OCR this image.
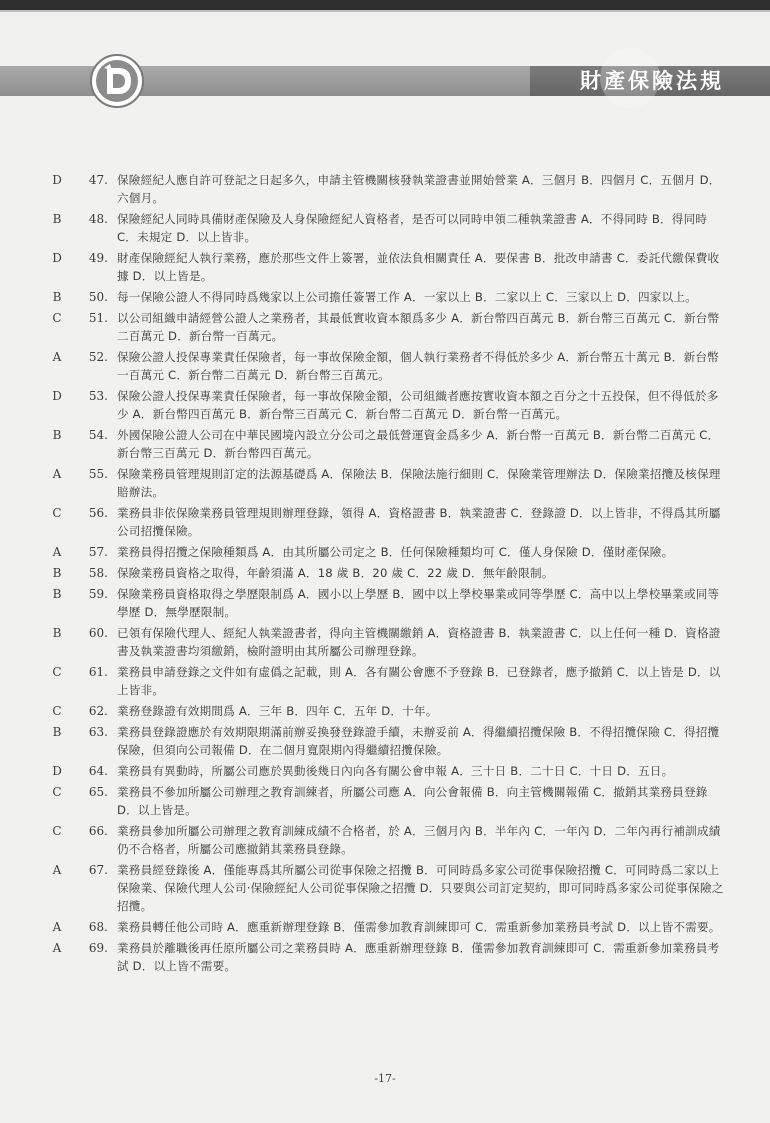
財產保險法規
D	47. 保險經紀人應自許可登記之日起多久，申請主管機關核發執業證書並開始營業 A．三個月 B．四個月 C．五個月 D．六個月。
B	48. 保險經紀人同時具備財產保險及人身保險經紀人資格者，是否可以同時申領二種執業證書 A．不得同時 B．得同時 C．未規定 D．以上皆非。
D	49. 財產保險經紀人執行業務，應於那些文件上簽署，並依法負相關責任 A．要保書 B．批改申請書 C．委託代繳保費收據 D．以上皆是。
B	50. 每一保險公證人不得同時爲幾家以上公司擔任簽署工作 A．一家以上 B．二家以上 C．三家以上 D．四家以上。
C	51. 以公司組織申請經營公證人之業務者，其最低實收資本額爲多少 A．新台幣四百萬元 B．新台幣三百萬元 C．新台幣二百萬元 D．新台幣一百萬元。
A	52. 保險公證人投保專業責任保險者，每一事故保險金額，個人執行業務者不得低於多少 A．新台幣五十萬元 B．新台幣一百萬元 C．新台幣二百萬元 D．新台幣三百萬元。
D	53. 保險公證人投保專業責任保險者，每一事故保險金額，公司組織者應按實收資本額之百分之十五投保，但不得低於多少 A．新台幣四百萬元 B．新台幣三百萬元 C．新台幣二百萬元 D．新台幣一百萬元。
B	54. 外國保險公證人公司在中華民國境內設立分公司之最低營運資金爲多少 A．新台幣一百萬元 B．新台幣二百萬元 C．新台幣三百萬元 D．新台幣四百萬元。
A	55. 保險業務員管理規則訂定的法源基礎爲 A．保險法 B．保險法施行細則 C．保險業管理辦法 D．保險業招攬及核保理賠辦法。
C	56. 業務員非依保險業務員管理規則辦理登錄，領得 A．資格證書 B．執業證書 C．登錄證 D．以上皆非，不得爲其所屬公司招攬保險。
A	57. 業務員得招攬之保險種類爲 A．由其所屬公司定之 B．任何保險種類均可 C．僅人身保險 D．僅財產保險。
B	58. 保險業務員資格之取得，年齡須滿 A．18 歲 B．20 歲 C．22 歲 D．無年齡限制。
B	59. 保險業務員資格取得之學歷限制爲 A．國小以上學歷 B．國中以上學校畢業或同等學歷 C．高中以上學校畢業或同等學歷 D．無學歷限制。
B	60. 已領有保險代理人、經紀人執業證書者，得向主管機關繳銷 A．資格證書 B．執業證書 C．以上任何一種 D．資格證書及執業證書均須繳銷，檢附證明由其所屬公司辦理登錄。
C	61. 業務員申請登錄之文件如有虛僞之記載，則 A．各有關公會應不予登錄 B．已登錄者，應予撤銷 C．以上皆是 D．以上皆非。
C	62. 業務登錄證有效期間爲 A．三年 B．四年 C．五年 D．十年。
B	63. 業務員登錄證應於有效期限期滿前辦妥換發登錄證手續，未辦妥前 A．得繼續招攬保險 B．不得招攬保險 C．得招攬保險，但須向公司報備 D．在二個月寬限期內得繼續招攬保險。
D	64. 業務員有異動時，所屬公司應於異動後幾日內向各有關公會申報 A．三十日 B．二十日 C．十日 D．五日。
C	65. 業務員不參加所屬公司辦理之教育訓練者，所屬公司應 A．向公會報備 B．向主管機關報備 C．撤銷其業務員登錄 D．以上皆是。
C	66. 業務員參加所屬公司辦理之教育訓練成績不合格者，於 A．三個月內 B．半年內 C．一年內 D．二年內再行補訓成績仍不合格者，所屬公司應撤銷其業務員登錄。
A	67. 業務員經登錄後 A．僅能專爲其所屬公司從事保險之招攬 B．可同時爲多家公司從事保險招攬 C．可同時爲二家以上保險業、保險代理人公司‧保險經紀人公司從事保險之招攬 D．只要與公司訂定契約，即可同時爲多家公司從事保險之招攬。
A	68. 業務員轉任他公司時 A．應重新辦理登錄 B．僅需參加教育訓練即可 C．需重新參加業務員考試 D．以上皆不需要。
A	69. 業務員於離職後再任原所屬公司之業務員時 A．應重新辦理登錄 B．僅需參加教育訓練即可 C．需重新參加業務員考試 D．以上皆不需要。
-17-
